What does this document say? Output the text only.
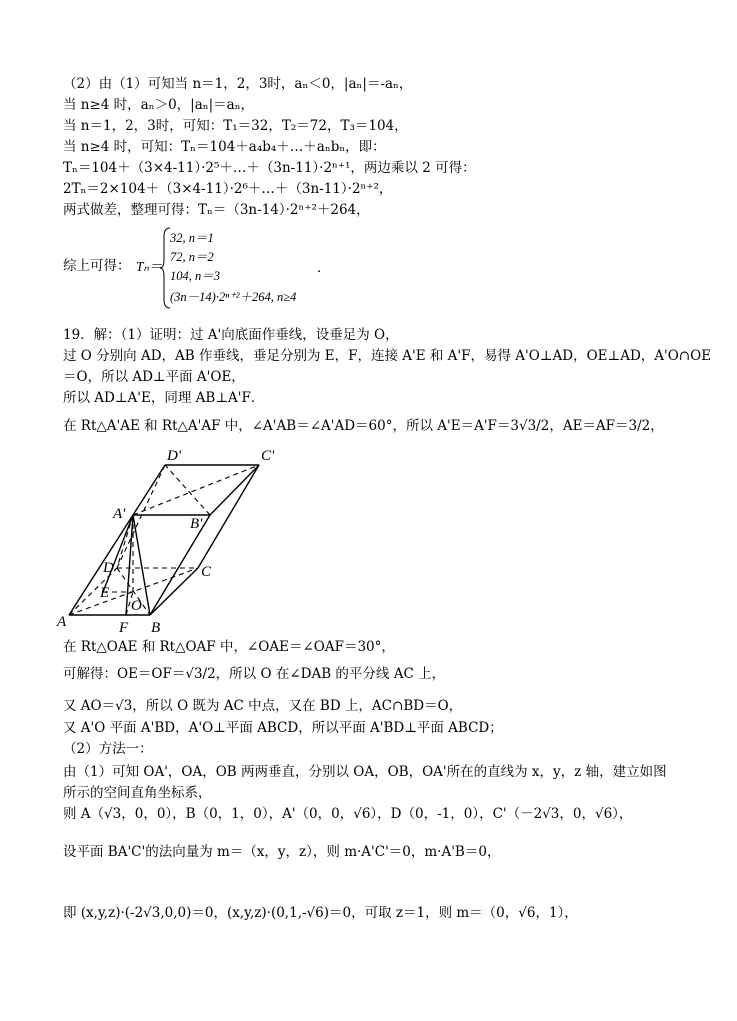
（2）由（1）可知当 n＝1，2，3时，aₙ＜0，|aₙ|＝-aₙ，
当 n≥4 时，aₙ＞0，|aₙ|＝aₙ，
当 n＝1，2，3时，可知：T₁＝32，T₂＝72，T₃＝104，
当 n≥4 时，可知：Tₙ＝104＋a₄b₄＋…＋aₙbₙ，即：
Tₙ＝104＋（3×4-11）·2⁵＋…＋（3n-11）·2ⁿ⁺¹，两边乘以 2 可得：
2Tₙ＝2×104＋（3×4-11）·2⁶＋…＋（3n-11）·2ⁿ⁺²，
两式做差，整理可得：Tₙ＝（3n-14）·2ⁿ⁺²＋264，
综上可得： Tₙ＝
32, n＝1
72, n＝2
104, n＝3
(3n－14)·2ⁿ⁺²＋264, n≥4
．
19．解：（1）证明：过 A'向底面作垂线，设垂足为 O，
过 O 分别向 AD，AB 作垂线，垂足分别为 E，F，连接 A'E 和 A'F，易得 A'O⊥AD，OE⊥AD，A'O∩OE
＝O，所以 AD⊥平面 A'OE，
所以 AD⊥A'E，同理 AB⊥A'F．
在 Rt△A'AE 和 Rt△A'AF 中，∠A'AB＝∠A'AD＝60°，所以 A'E＝A'F＝3√3/2，AE＝AF＝3/2，
D'	C'
A'
B'
D	C
E
O
A	F B
在 Rt△OAE 和 Rt△OAF 中，∠OAE＝∠OAF＝30°，
可解得：OE＝OF＝√3/2，所以 O 在∠DAB 的平分线 AC 上，
又 AO＝√3，所以 O 既为 AC 中点，又在 BD 上，AC∩BD＝O，
又 A'O 平面 A'BD，A'O⊥平面 ABCD，所以平面 A'BD⊥平面 ABCD；
（2）方法一：
由（1）可知 OA'，OA，OB 两两垂直，分别以 OA，OB，OA'所在的直线为 x，y，z 轴，建立如图
所示的空间直角坐标系，
则 A（√3，0，0），B（0，1，0），A'（0，0，√6），D（0，-1，0），C'（－2√3，0，√6），
设平面 BA'C'的法向量为 m＝（x，y，z），则 m·A'C'＝0，m·A'B＝0，
即 (x,y,z)·(-2√3,0,0)＝0，(x,y,z)·(0,1,-√6)＝0，可取 z＝1，则 m＝（0，√6，1），
